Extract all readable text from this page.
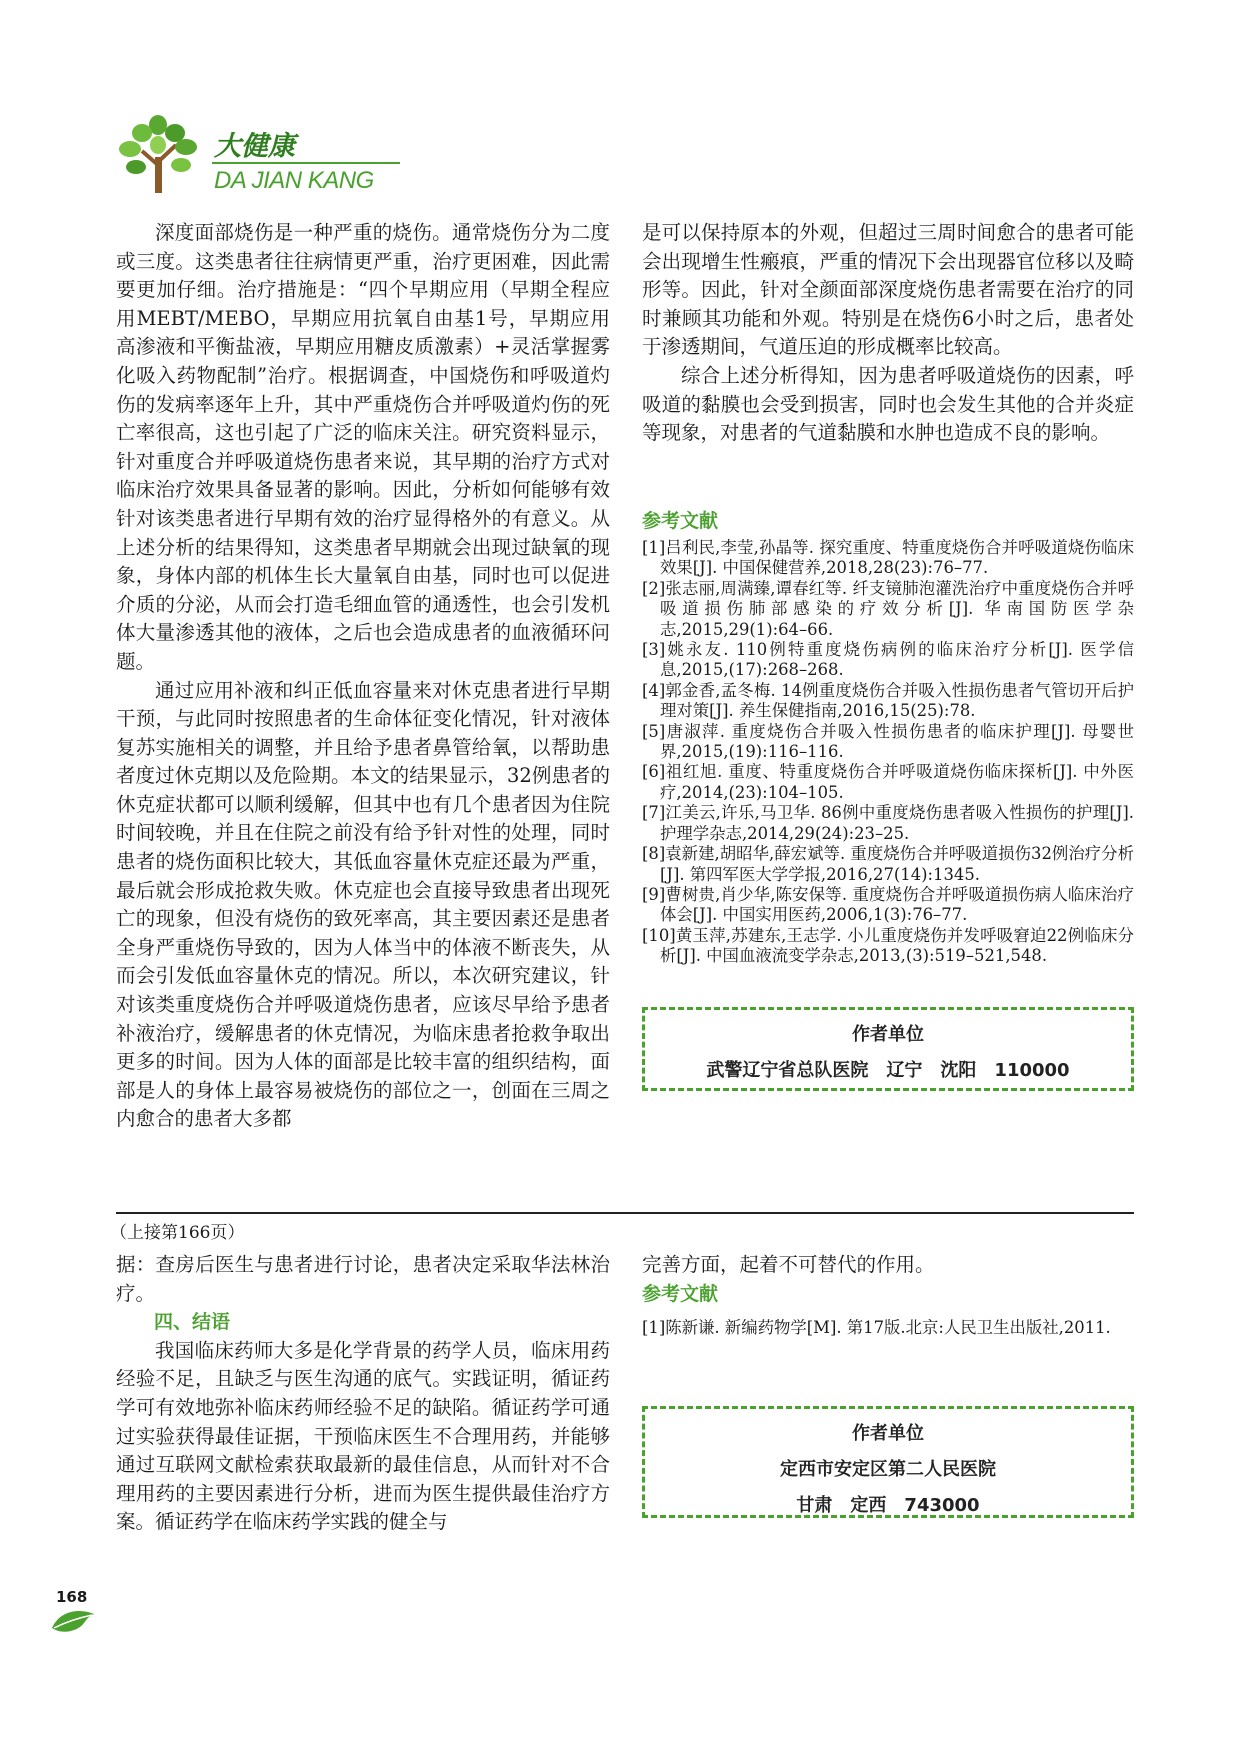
大健康
DA JIAN KANG

深度面部烧伤是一种严重的烧伤。通常烧伤分为二度或三度。这类患者往往病情更严重，治疗更困难，因此需要更加仔细。治疗措施是：“四个早期应用（早期全程应用MEBT/MEBO，早期应用抗氧自由基1号，早期应用高渗液和平衡盐液，早期应用糖皮质激素）+灵活掌握雾化吸入药物配制”治疗。根据调查，中国烧伤和呼吸道灼伤的发病率逐年上升，其中严重烧伤合并呼吸道灼伤的死亡率很高，这也引起了广泛的临床关注。研究资料显示，针对重度合并呼吸道烧伤患者来说，其早期的治疗方式对临床治疗效果具备显著的影响。因此，分析如何能够有效针对该类患者进行早期有效的治疗显得格外的有意义。从上述分析的结果得知，这类患者早期就会出现过缺氧的现象，身体内部的机体生长大量氧自由基，同时也可以促进介质的分泌，从而会打造毛细血管的通透性，也会引发机体大量渗透其他的液体，之后也会造成患者的血液循环问题。

通过应用补液和纠正低血容量来对休克患者进行早期干预，与此同时按照患者的生命体征变化情况，针对液体复苏实施相关的调整，并且给予患者鼻管给氧，以帮助患者度过休克期以及危险期。本文的结果显示，32例患者的休克症状都可以顺利缓解，但其中也有几个患者因为住院时间较晚，并且在住院之前没有给予针对性的处理，同时患者的烧伤面积比较大，其低血容量休克症还最为严重，最后就会形成抢救失败。休克症也会直接导致患者出现死亡的现象，但没有烧伤的致死率高，其主要因素还是患者全身严重烧伤导致的，因为人体当中的体液不断丧失，从而会引发低血容量休克的情况。所以，本次研究建议，针对该类重度烧伤合并呼吸道烧伤患者，应该尽早给予患者补液治疗，缓解患者的休克情况，为临床患者抢救争取出更多的时间。因为人体的面部是比较丰富的组织结构，面部是人的身体上最容易被烧伤的部位之一，创面在三周之内愈合的患者大多都

是可以保持原本的外观，但超过三周时间愈合的患者可能会出现增生性瘢痕，严重的情况下会出现器官位移以及畸形等。因此，针对全颜面部深度烧伤患者需要在治疗的同时兼顾其功能和外观。特别是在烧伤6小时之后，患者处于渗透期间，气道压迫的形成概率比较高。

综合上述分析得知，因为患者呼吸道烧伤的因素，呼吸道的黏膜也会受到损害，同时也会发生其他的合并炎症等现象，对患者的气道黏膜和水肿也造成不良的影响。

参考文献
[1]吕利民,李莹,孙晶等. 探究重度、特重度烧伤合并呼吸道烧伤临床效果[J]. 中国保健营养,2018,28(23):76–77.
[2]张志丽,周满臻,谭春红等. 纤支镜肺泡灌洗治疗中重度烧伤合并呼吸道损伤肺部感染的疗效分析[J]. 华南国防医学杂志,2015,29(1):64–66.
[3]姚永友. 110例特重度烧伤病例的临床治疗分析[J]. 医学信息,2015,(17):268–268.
[4]郭金香,孟冬梅. 14例重度烧伤合并吸入性损伤患者气管切开后护理对策[J]. 养生保健指南,2016,15(25):78.
[5]唐淑萍. 重度烧伤合并吸入性损伤患者的临床护理[J]. 母婴世界,2015,(19):116–116.
[6]祖红旭. 重度、特重度烧伤合并呼吸道烧伤临床探析[J]. 中外医疗,2014,(23):104–105.
[7]江美云,许乐,马卫华. 86例中重度烧伤患者吸入性损伤的护理[J]. 护理学杂志,2014,29(24):23–25.
[8]袁新建,胡昭华,薛宏斌等. 重度烧伤合并呼吸道损伤32例治疗分析[J]. 第四军医大学学报,2016,27(14):1345.
[9]曹树贵,肖少华,陈安保等. 重度烧伤合并呼吸道损伤病人临床治疗体会[J]. 中国实用医药,2006,1(3):76–77.
[10]黄玉萍,苏建东,王志学. 小儿重度烧伤并发呼吸窘迫22例临床分析[J]. 中国血液流变学杂志,2013,(3):519–521,548.

作者单位

武警辽宁省总队医院　辽宁　沈阳　110000

（上接第166页）

据：查房后医生与患者进行讨论，患者决定采取华法林治疗。

四、结语

我国临床药师大多是化学背景的药学人员，临床用药经验不足，且缺乏与医生沟通的底气。实践证明，循证药学可有效地弥补临床药师经验不足的缺陷。循证药学可通过实验获得最佳证据，干预临床医生不合理用药，并能够通过互联网文献检索获取最新的最佳信息，从而针对不合理用药的主要因素进行分析，进而为医生提供最佳治疗方案。循证药学在临床药学实践的健全与

完善方面，起着不可替代的作用。

参考文献
[1]陈新谦. 新编药物学[M]. 第17版.北京:人民卫生出版社,2011.

作者单位

定西市安定区第二人民医院

甘肃　定西　743000

168
